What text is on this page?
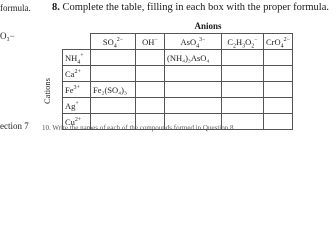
formula.
O₃−
ection 7
8. Complete the table, filling in each box with the proper formula.
Anions
Cations
	$SO_4^{2-}$	OH−	AsO$_4^{3-}$	$C_2H_3O_2^-$	CrO$_4^{2-}$
$NH_4^+$			(NH₄)₃AsO₄		
$Ca^{2+}$					
$Fe^{3+}$	Fe₂(SO₄)₃				
Ag+					
$Cu^{2+}$					
10. Write the names of each of the compounds formed in Question 8
